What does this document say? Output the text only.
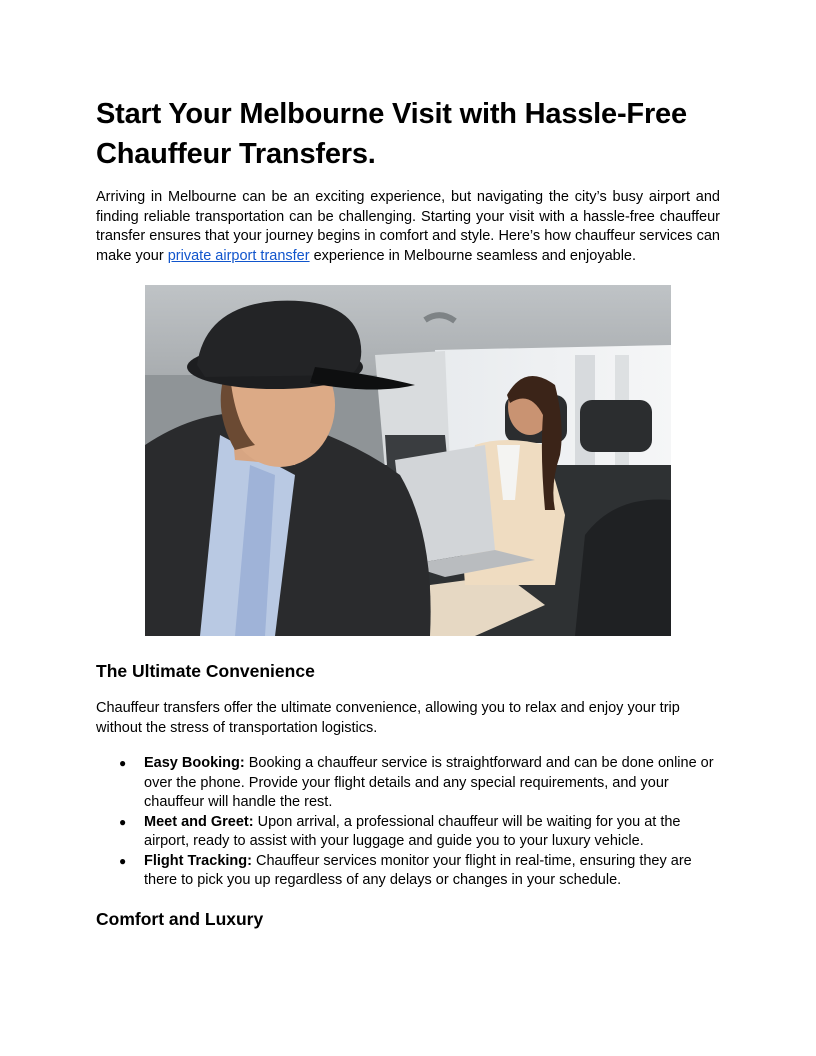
Start Your Melbourne Visit with Hassle-Free Chauffeur Transfers.

Arriving in Melbourne can be an exciting experience, but navigating the city’s busy airport and finding reliable transportation can be challenging. Starting your visit with a hassle-free chauffeur transfer ensures that your journey begins in comfort and style. Here’s how chauffeur services can make your private airport transfer experience in Melbourne seamless and enjoyable.

The Ultimate Convenience

Chauffeur transfers offer the ultimate convenience, allowing you to relax and enjoy your trip without the stress of transportation logistics.

● Easy Booking: Booking a chauffeur service is straightforward and can be done online or over the phone. Provide your flight details and any special requirements, and your chauffeur will handle the rest.
● Meet and Greet: Upon arrival, a professional chauffeur will be waiting for you at the airport, ready to assist with your luggage and guide you to your luxury vehicle.
● Flight Tracking: Chauffeur services monitor your flight in real-time, ensuring they are there to pick you up regardless of any delays or changes in your schedule.
Comfort and Luxury
